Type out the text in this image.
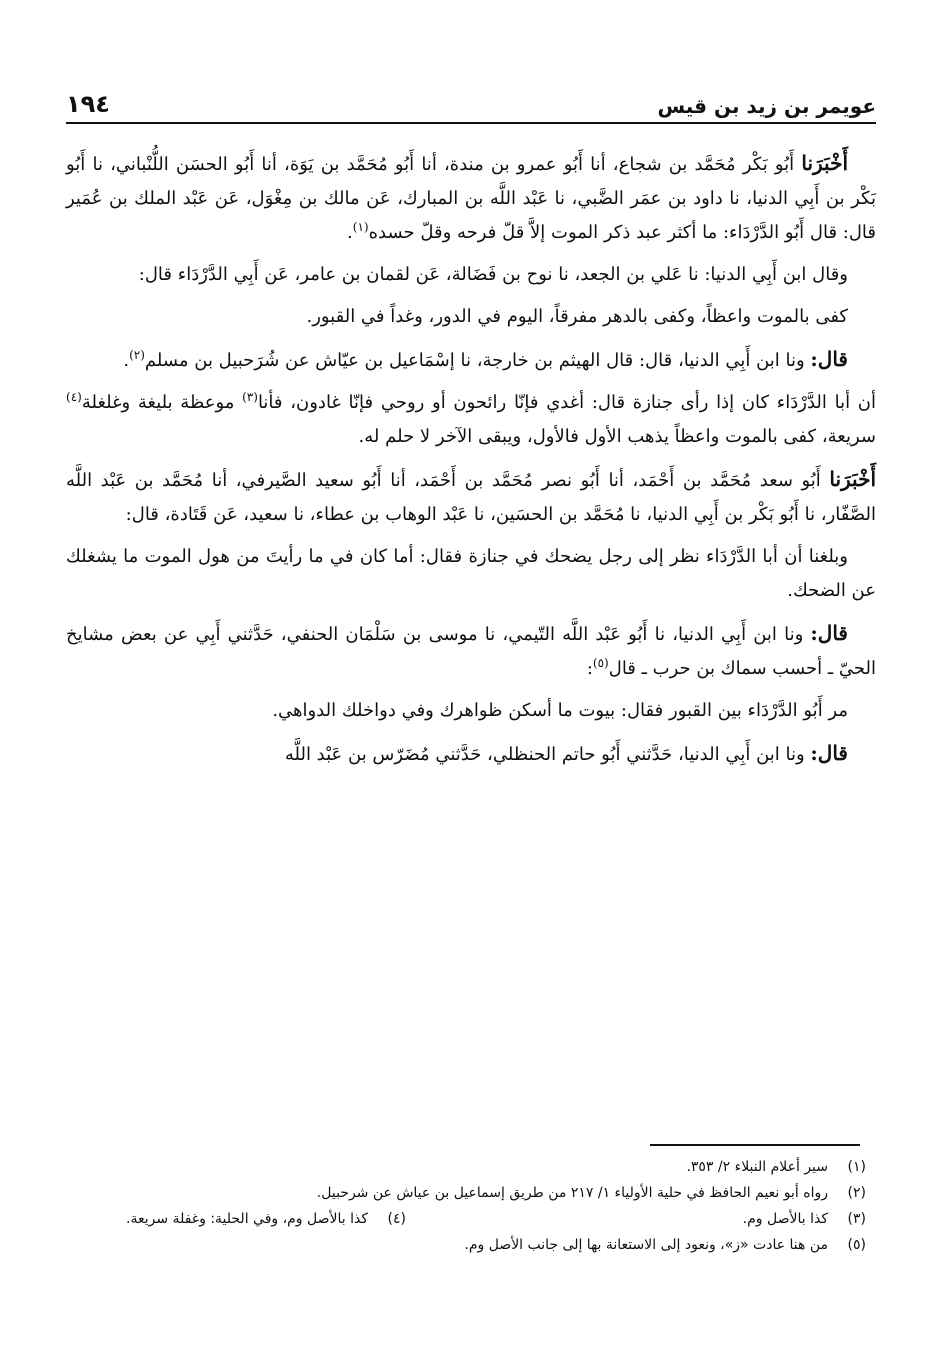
عويمر بن زيد بن قيس
١٩٤

أَخْبَرَنا أَبُو بَكْر مُحَمَّد بن شجاع، أنا أَبُو عمرو بن مندة، أنا أَبُو مُحَمَّد بن يَوَة، أنا أَبُو الحسَن اللُّنْباني، نا أَبُو بَكْر بن أَبِي الدنيا، نا داود بن عمَر الضَّبي، نا عَبْد اللَّه بن المبارك، عَن مالك بن مِغْوَل، عَن عَبْد الملك بن عُمَير قال: قال أَبُو الدَّرْدَاء: ما أكثر عبد ذكر الموت إلاَّ قلّ فرحه وقلّ حسده$^{(١)}$.

وقال ابن أَبِي الدنيا: نا عَلي بن الجعد، نا نوح بن فَضَالة، عَن لقمان بن عامر، عَن أَبِي الدَّرْدَاء قال:

كفى بالموت واعظاً، وكفى بالدهر مفرقاً، اليوم في الدور، وغداً في القبور.

قال: ونا ابن أَبِي الدنيا، قال: قال الهيثم بن خارجة، نا إسْمَاعيل بن عيّاش عن شُرَحبيل بن مسلم$^{(٢)}$.

أن أبا الدَّرْدَاء كان إذا رأى جنازة قال: أغدي فإنّا رائحون أو روحي فإنّا غادون، فأنا$^{(٣)}$ موعظة بليغة وغلغلة$^{(٤)}$ سريعة، كفى بالموت واعظاً يذهب الأول فالأول، ويبقى الآخر لا حلم له.

أَخْبَرَنا أَبُو سعد مُحَمَّد بن أَحْمَد، أنا أَبُو نصر مُحَمَّد بن أَحْمَد، أنا أَبُو سعيد الصَّيرفي، أنا مُحَمَّد بن عَبْد اللَّه الصَّفّار، نا أَبُو بَكْر بن أَبِي الدنيا، نا مُحَمَّد بن الحسَين، نا عَبْد الوهاب بن عطاء، نا سعيد، عَن قَتَادة، قال:

وبلغنا أن أبا الدَّرْدَاء نظر إلى رجل يضحك في جنازة فقال: أما كان في ما رأيتَ من هول الموت ما يشغلك عن الضحك.

قال: ونا ابن أَبِي الدنيا، نا أَبُو عَبْد اللَّه التّيمي، نا موسى بن سَلْمَان الحنفي، حَدَّثني أَبِي عن بعض مشايخ الحيّ ـ أحسب سماك بن حرب ـ قال$^{(٥)}$:

مر أَبُو الدَّرْدَاء بين القبور فقال: بيوت ما أسكن ظواهرك وفي دواخلك الدواهي.

قال: ونا ابن أَبِي الدنيا، حَدَّثني أَبُو حاتم الحنظلي، حَدَّثني مُضَرّس بن عَبْد اللَّه

(١)سير أعلام النبلاء ٢/ ٣٥٣.
(٢)رواه أبو نعيم الحافظ في حلية الأولياء ١/ ٢١٧ من طريق إسماعيل بن عياش عن شرحبيل.
(٣)كذا بالأصل وم.
(٤)كذا بالأصل وم، وفي الحلية: وغفلة سريعة.
(٥)من هنا عادت «ز»، ونعود إلى الاستعانة بها إلى جانب الأصل وم.
